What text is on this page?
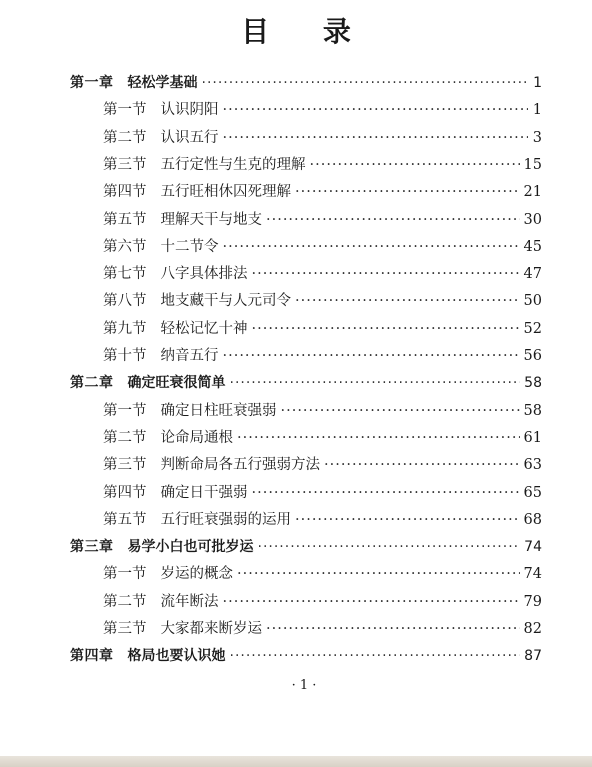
目 录
第一章 轻松学基础 ·····	1
第一节 认识阴阳 ·····	1
第二节 认识五行 ·····	3
第三节 五行定性与生克的理解 ·····	15
第四节 五行旺相休囚死理解 ·····	21
第五节 理解天干与地支 ·····	30
第六节 十二节令 ·····	45
第七节 八字具体排法 ·····	47
第八节 地支藏干与人元司令 ·····	50
第九节 轻松记忆十神 ·····	52
第十节 纳音五行 ·····	56
第二章 确定旺衰很简单 ·····	58
第一节 确定日柱旺衰强弱 ·····	58
第二节 论命局通根 ·····	61
第三节 判断命局各五行强弱方法 ·····	63
第四节 确定日干强弱 ·····	65
第五节 五行旺衰强弱的运用 ·····	68
第三章 易学小白也可批岁运 ·····	74
第一节 岁运的概念 ·····	74
第二节 流年断法 ·····	79
第三节 大家都来断岁运 ·····	82
第四章 格局也要认识她 ·····	87
· 1 ·
